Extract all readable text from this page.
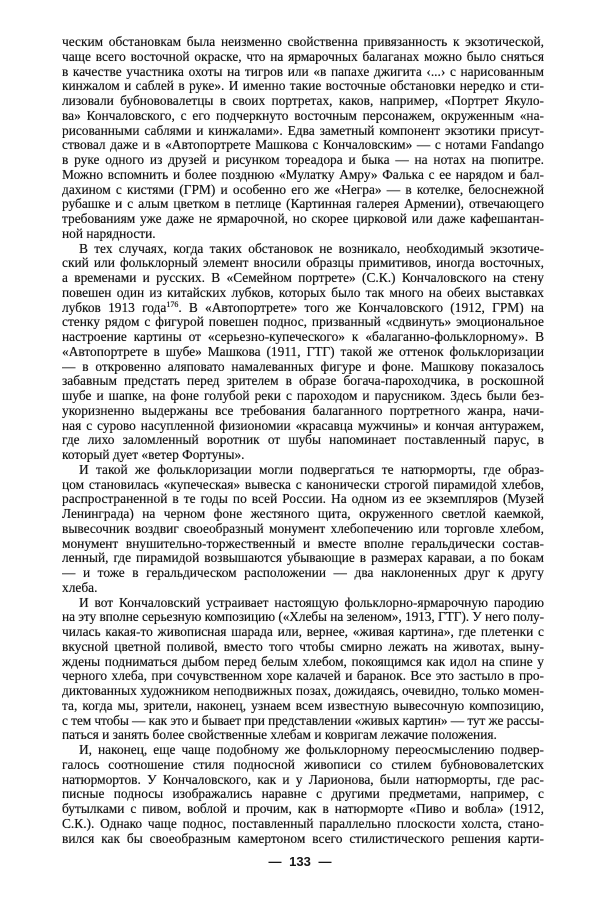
ческим обстановкам была неизменно свойственна привязанность к экзотической,
чаще всего восточной окраске, что на ярмарочных балаганах можно было сняться
в качестве участника охоты на тигров или «в папахе джигита ‹...› с нарисованным
кинжалом и саблей в руке». И именно такие восточные обстановки нередко и сти-
лизовали бубнововалетцы в своих портретах, каков, например, «Портрет Якуло-
ва» Кончаловского, с его подчеркнуто восточным персонажем, окруженным «на-
рисованными саблями и кинжалами». Едва заметный компонент экзотики присут-
ствовал даже и в «Автопортрете Машкова с Кончаловским» — с нотами Fandango
в руке одного из друзей и рисунком тореадора и быка — на нотах на пюпитре.
Можно вспомнить и более позднюю «Мулатку Амру» Фалька с ее нарядом и бал-
дахином с кистями (ГРМ) и особенно его же «Негра» — в котелке, белоснежной
рубашке и с алым цветком в петлице (Картинная галерея Армении), отвечающего
требованиям уже даже не ярмарочной, но скорее цирковой или даже кафешантан-
ной нарядности.
В тех случаях, когда таких обстановок не возникало, необходимый экзотиче-
ский или фольклорный элемент вносили образцы примитивов, иногда восточных,
а временами и русских. В «Семейном портрете» (С.К.) Кончаловского на стену
повешен один из китайских лубков, которых было так много на обеих выставках
лубков 1913 года$^{176}$. В «Автопортрете» того же Кончаловского (1912, ГРМ) на
стенку рядом с фигурой повешен поднос, призванный «сдвинуть» эмоциональное
настроение картины от «серьезно-купеческого» к «балаганно-фольклорному». В
«Автопортрете в шубе» Машкова (1911, ГТГ) такой же оттенок фольклоризации
— в откровенно аляповато намалеванных фигуре и фоне. Машкову показалось
забавным предстать перед зрителем в образе богача-пароходчика, в роскошной
шубе и шапке, на фоне голубой реки с пароходом и парусником. Здесь были без-
укоризненно выдержаны все требования балаганного портретного жанра, начи-
ная с сурово насупленной физиономии «красавца мужчины» и кончая антуражем,
где лихо заломленный воротник от шубы напоминает поставленный парус, в
который дует «ветер Фортуны».
И такой же фольклоризации могли подвергаться те натюрморты, где образ-
цом становилась «купеческая» вывеска с канонически строгой пирамидой хлебов,
распространенной в те годы по всей России. На одном из ее экземпляров (Музей
Ленинграда) на черном фоне жестяного щита, окруженного светлой каемкой,
вывесочник воздвиг своеобразный монумент хлебопечению или торговле хлебом,
монумент внушительно-торжественный и вместе вполне геральдически состав-
ленный, где пирамидой возвышаются убывающие в размерах караваи, а по бокам
— и тоже в геральдическом расположении — два наклоненных друг к другу
хлеба.
И вот Кончаловский устраивает настоящую фольклорно-ярмарочную пародию
на эту вполне серьезную композицию («Хлебы на зеленом», 1913, ГТГ). У него полу-
чилась какая-то живописная шарада или, вернее, «живая картина», где плетенки с
вкусной цветной поливой, вместо того чтобы смирно лежать на животах, выну-
ждены подниматься дыбом перед белым хлебом, покоящимся как идол на спине у
черного хлеба, при сочувственном хоре калачей и баранок. Все это застыло в про-
диктованных художником неподвижных позах, дожидаясь, очевидно, только момен-
та, когда мы, зрители, наконец, узнаем всем известную вывесочную композицию,
с тем чтобы — как это и бывает при представлении «живых картин» — тут же рассы-
паться и занять более свойственные хлебам и ковригам лежачие положения.
И, наконец, еще чаще подобному же фольклорному переосмыслению подвер-
галось соотношение стиля подносной живописи со стилем бубнововалетских
натюрмортов. У Кончаловского, как и у Ларионова, были натюрморты, где рас-
писные подносы изображались наравне с другими предметами, например, с
бутылками с пивом, воблой и прочим, как в натюрморте «Пиво и вобла» (1912,
С.К.). Однако чаще поднос, поставленный параллельно плоскости холста, стано-
вился как бы своеобразным камертоном всего стилистического решения карти-
— 133 —
